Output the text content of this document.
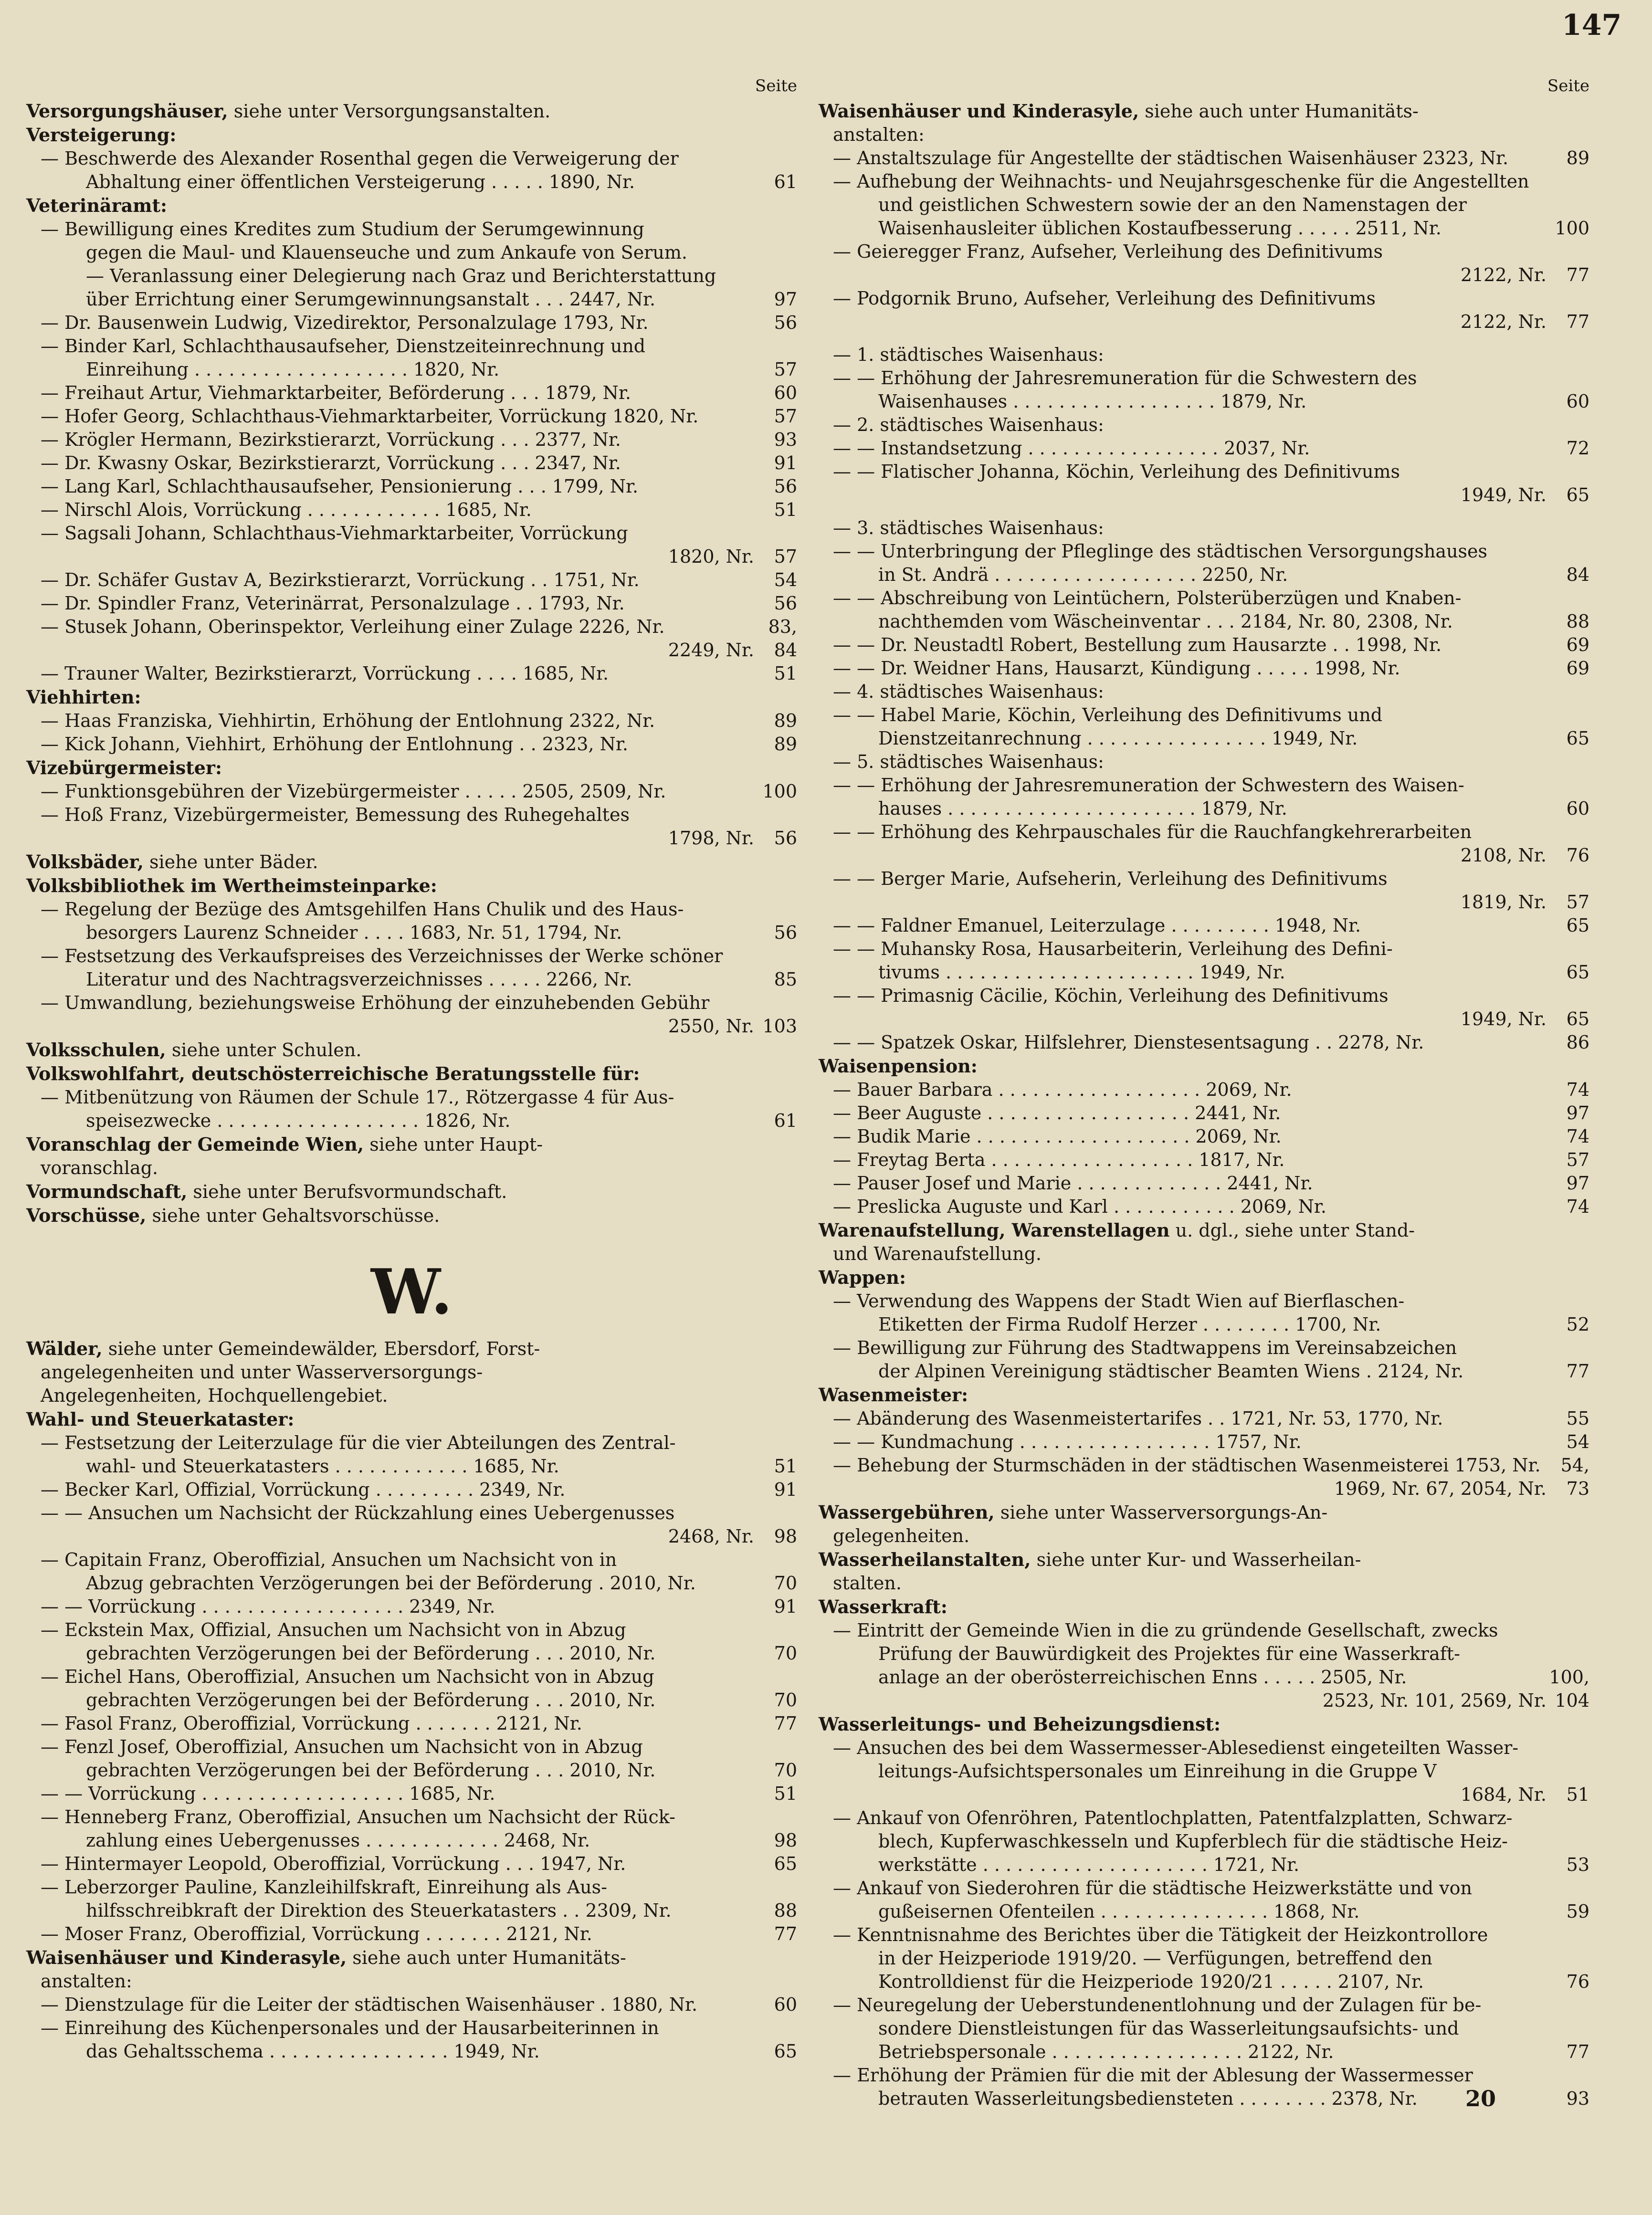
147
Seite
Versorgungshäuser, siehe unter Versorgungsanstalten.
Versteigerung:
— Beschwerde des Alexander Rosenthal gegen die Verweigerung der
61
Abhaltung einer öffentlichen Versteigerung . . . . . 1890, Nr.
Veterinäramt:
— Bewilligung eines Kredites zum Studium der Serumgewinnung
gegen die Maul- und Klauenseuche und zum Ankaufe von Serum.
— Veranlassung einer Delegierung nach Graz und Berichterstattung
97
über Errichtung einer Serumgewinnungsanstalt . . . 2447, Nr.
56
— Dr. Bausenwein Ludwig, Vizedirektor, Personalzulage 1793, Nr.
— Binder Karl, Schlachthausaufseher, Dienstzeiteinrechnung und
57
Einreihung . . . . . . . . . . . . . . . . . . . 1820, Nr.
60
— Freihaut Artur, Viehmarktarbeiter, Beförderung . . . 1879, Nr.
57
— Hofer Georg, Schlachthaus-Viehmarktarbeiter, Vorrückung 1820, Nr.
93
— Krögler Hermann, Bezirkstierarzt, Vorrückung . . . 2377, Nr.
91
— Dr. Kwasny Oskar, Bezirkstierarzt, Vorrückung . . . 2347, Nr.
56
— Lang Karl, Schlachthausaufseher, Pensionierung . . . 1799, Nr.
51
— Nirschl Alois, Vorrückung . . . . . . . . . . . . 1685, Nr.
— Sagsali Johann, Schlachthaus-Viehmarktarbeiter, Vorrückung
57
1820, Nr.
54
— Dr. Schäfer Gustav A, Bezirkstierarzt, Vorrückung . . 1751, Nr.
56
— Dr. Spindler Franz, Veterinärrat, Personalzulage . . 1793, Nr.
83,
— Stusek Johann, Oberinspektor, Verleihung einer Zulage 2226, Nr.
84
2249, Nr.
51
— Trauner Walter, Bezirkstierarzt, Vorrückung . . . . 1685, Nr.
Viehhirten:
89
— Haas Franziska, Viehhirtin, Erhöhung der Entlohnung 2322, Nr.
89
— Kick Johann, Viehhirt, Erhöhung der Entlohnung . . 2323, Nr.
Vizebürgermeister:
100
— Funktionsgebühren der Vizebürgermeister . . . . . 2505, 2509, Nr.
— Hoß Franz, Vizebürgermeister, Bemessung des Ruhegehaltes
56
1798, Nr.
Volksbäder, siehe unter Bäder.
Volksbibliothek im Wertheimsteinparke:
— Regelung der Bezüge des Amtsgehilfen Hans Chulik und des Haus-
56
besorgers Laurenz Schneider . . . . 1683, Nr. 51, 1794, Nr.
— Festsetzung des Verkaufspreises des Verzeichnisses der Werke schöner
85
Literatur und des Nachtragsverzeichnisses . . . . . 2266, Nr.
— Umwandlung, beziehungsweise Erhöhung der einzuhebenden Gebühr
103
2550, Nr.
Volksschulen, siehe unter Schulen.
Volkswohlfahrt, deutschösterreichische Beratungsstelle für:
— Mitbenützung von Räumen der Schule 17., Rötzergasse 4 für Aus-
61
speisezwecke . . . . . . . . . . . . . . . . . . 1826, Nr.
Voranschlag der Gemeinde Wien, siehe unter Haupt-
voranschlag.
Vormundschaft, siehe unter Berufsvormundschaft.
Vorschüsse, siehe unter Gehaltsvorschüsse.
W.
Wälder, siehe unter Gemeindewälder, Ebersdorf, Forst-
angelegenheiten und unter Wasserversorgungs-
Angelegenheiten, Hochquellengebiet.
Wahl- und Steuerkataster:
— Festsetzung der Leiterzulage für die vier Abteilungen des Zentral-
51
wahl- und Steuerkatasters . . . . . . . . . . . . 1685, Nr.
91
— Becker Karl, Offizial, Vorrückung . . . . . . . . . 2349, Nr.
— — Ansuchen um Nachsicht der Rückzahlung eines Uebergenusses
98
2468, Nr.
— Capitain Franz, Oberoffizial, Ansuchen um Nachsicht von in
70
Abzug gebrachten Verzögerungen bei der Beförderung . 2010, Nr.
91
— — Vorrückung . . . . . . . . . . . . . . . . . . 2349, Nr.
— Eckstein Max, Offizial, Ansuchen um Nachsicht von in Abzug
70
gebrachten Verzögerungen bei der Beförderung . . . 2010, Nr.
— Eichel Hans, Oberoffizial, Ansuchen um Nachsicht von in Abzug
70
gebrachten Verzögerungen bei der Beförderung . . . 2010, Nr.
77
— Fasol Franz, Oberoffizial, Vorrückung . . . . . . . 2121, Nr.
— Fenzl Josef, Oberoffizial, Ansuchen um Nachsicht von in Abzug
70
gebrachten Verzögerungen bei der Beförderung . . . 2010, Nr.
51
— — Vorrückung . . . . . . . . . . . . . . . . . . 1685, Nr.
— Henneberg Franz, Oberoffizial, Ansuchen um Nachsicht der Rück-
98
zahlung eines Uebergenusses . . . . . . . . . . . . 2468, Nr.
65
— Hintermayer Leopold, Oberoffizial, Vorrückung . . . 1947, Nr.
— Leberzorger Pauline, Kanzleihilfskraft, Einreihung als Aus-
88
hilfsschreibkraft der Direktion des Steuerkatasters . . 2309, Nr.
77
— Moser Franz, Oberoffizial, Vorrückung . . . . . . . 2121, Nr.
Waisenhäuser und Kinderasyle, siehe auch unter Humanitäts-
anstalten:
60
— Dienstzulage für die Leiter der städtischen Waisenhäuser . 1880, Nr.
— Einreihung des Küchenpersonales und der Hausarbeiterinnen in
65
das Gehaltsschema . . . . . . . . . . . . . . . . 1949, Nr.
Seite
Waisenhäuser und Kinderasyle, siehe auch unter Humanitäts-
anstalten:
89
— Anstaltszulage für Angestellte der städtischen Waisenhäuser 2323, Nr.
— Aufhebung der Weihnachts- und Neujahrsgeschenke für die Angestellten
und geistlichen Schwestern sowie der an den Namenstagen der
100
Waisenhausleiter üblichen Kostaufbesserung . . . . . 2511, Nr.
— Geieregger Franz, Aufseher, Verleihung des Definitivums
77
2122, Nr.
— Podgornik Bruno, Aufseher, Verleihung des Definitivums
77
2122, Nr.
— 1. städtisches Waisenhaus:
— — Erhöhung der Jahresremuneration für die Schwestern des
60
Waisenhauses . . . . . . . . . . . . . . . . . . 1879, Nr.
— 2. städtisches Waisenhaus:
72
— — Instandsetzung . . . . . . . . . . . . . . . . . 2037, Nr.
— — Flatischer Johanna, Köchin, Verleihung des Definitivums
65
1949, Nr.
— 3. städtisches Waisenhaus:
— — Unterbringung der Pfleglinge des städtischen Versorgungshauses
84
in St. Andrä . . . . . . . . . . . . . . . . . . 2250, Nr.
— — Abschreibung von Leintüchern, Polsterüberzügen und Knaben-
88
nachthemden vom Wäscheinventar . . . 2184, Nr. 80, 2308, Nr.
69
— — Dr. Neustadtl Robert, Bestellung zum Hausarzte . . 1998, Nr.
69
— — Dr. Weidner Hans, Hausarzt, Kündigung . . . . . 1998, Nr.
— 4. städtisches Waisenhaus:
— — Habel Marie, Köchin, Verleihung des Definitivums und
65
Dienstzeitanrechnung . . . . . . . . . . . . . . . . 1949, Nr.
— 5. städtisches Waisenhaus:
— — Erhöhung der Jahresremuneration der Schwestern des Waisen-
60
hauses . . . . . . . . . . . . . . . . . . . . . . 1879, Nr.
— — Erhöhung des Kehrpauschales für die Rauchfangkehrerarbeiten
76
2108, Nr.
— — Berger Marie, Aufseherin, Verleihung des Definitivums
57
1819, Nr.
65
— — Faldner Emanuel, Leiterzulage . . . . . . . . . 1948, Nr.
— — Muhansky Rosa, Hausarbeiterin, Verleihung des Defini-
65
tivums . . . . . . . . . . . . . . . . . . . . . . 1949, Nr.
— — Primasnig Cäcilie, Köchin, Verleihung des Definitivums
65
1949, Nr.
86
— — Spatzek Oskar, Hilfslehrer, Dienstesentsagung . . 2278, Nr.
Waisenpension:
74
— Bauer Barbara . . . . . . . . . . . . . . . . . . 2069, Nr.
97
— Beer Auguste . . . . . . . . . . . . . . . . . . 2441, Nr.
74
— Budik Marie . . . . . . . . . . . . . . . . . . . 2069, Nr.
57
— Freytag Berta . . . . . . . . . . . . . . . . . . 1817, Nr.
97
— Pauser Josef und Marie . . . . . . . . . . . . . 2441, Nr.
74
— Preslicka Auguste und Karl . . . . . . . . . . . 2069, Nr.
Warenaufstellung, Warenstellagen u. dgl., siehe unter Stand-
und Warenaufstellung.
Wappen:
— Verwendung des Wappens der Stadt Wien auf Bierflaschen-
52
Etiketten der Firma Rudolf Herzer . . . . . . . . 1700, Nr.
— Bewilligung zur Führung des Stadtwappens im Vereinsabzeichen
77
der Alpinen Vereinigung städtischer Beamten Wiens . 2124, Nr.
Wasenmeister:
55
— Abänderung des Wasenmeistertarifes . . 1721, Nr. 53, 1770, Nr.
54
— — Kundmachung . . . . . . . . . . . . . . . . . 1757, Nr.
54,
— Behebung der Sturmschäden in der städtischen Wasenmeisterei 1753, Nr.
73
1969, Nr. 67, 2054, Nr.
Wassergebühren, siehe unter Wasserversorgungs-An-
gelegenheiten.
Wasserheilanstalten, siehe unter Kur- und Wasserheilan-
stalten.
Wasserkraft:
— Eintritt der Gemeinde Wien in die zu gründende Gesellschaft, zwecks
Prüfung der Bauwürdigkeit des Projektes für eine Wasserkraft-
100,
anlage an der oberösterreichischen Enns . . . . . 2505, Nr.
104
2523, Nr. 101, 2569, Nr.
Wasserleitungs- und Beheizungsdienst:
— Ansuchen des bei dem Wassermesser-Ablesedienst eingeteilten Wasser-
leitungs-Aufsichtspersonales um Einreihung in die Gruppe V
51
1684, Nr.
— Ankauf von Ofenröhren, Patentlochplatten, Patentfalzplatten, Schwarz-
blech, Kupferwaschkesseln und Kupferblech für die städtische Heiz-
53
werkstätte . . . . . . . . . . . . . . . . . . . . 1721, Nr.
— Ankauf von Siederohren für die städtische Heizwerkstätte und von
59
gußeisernen Ofenteilen . . . . . . . . . . . . . . . 1868, Nr.
— Kenntnisnahme des Berichtes über die Tätigkeit der Heizkontrollore
in der Heizperiode 1919/20. — Verfügungen, betreffend den
76
Kontrolldienst für die Heizperiode 1920/21 . . . . . 2107, Nr.
— Neuregelung der Ueberstundenentlohnung und der Zulagen für be-
sondere Dienstleistungen für das Wasserleitungsaufsichts- und
77
Betriebspersonale . . . . . . . . . . . . . . . . . 2122, Nr.
— Erhöhung der Prämien für die mit der Ablesung der Wassermesser
93
betrauten Wasserleitungsbediensteten . . . . . . . . 2378, Nr.	20
